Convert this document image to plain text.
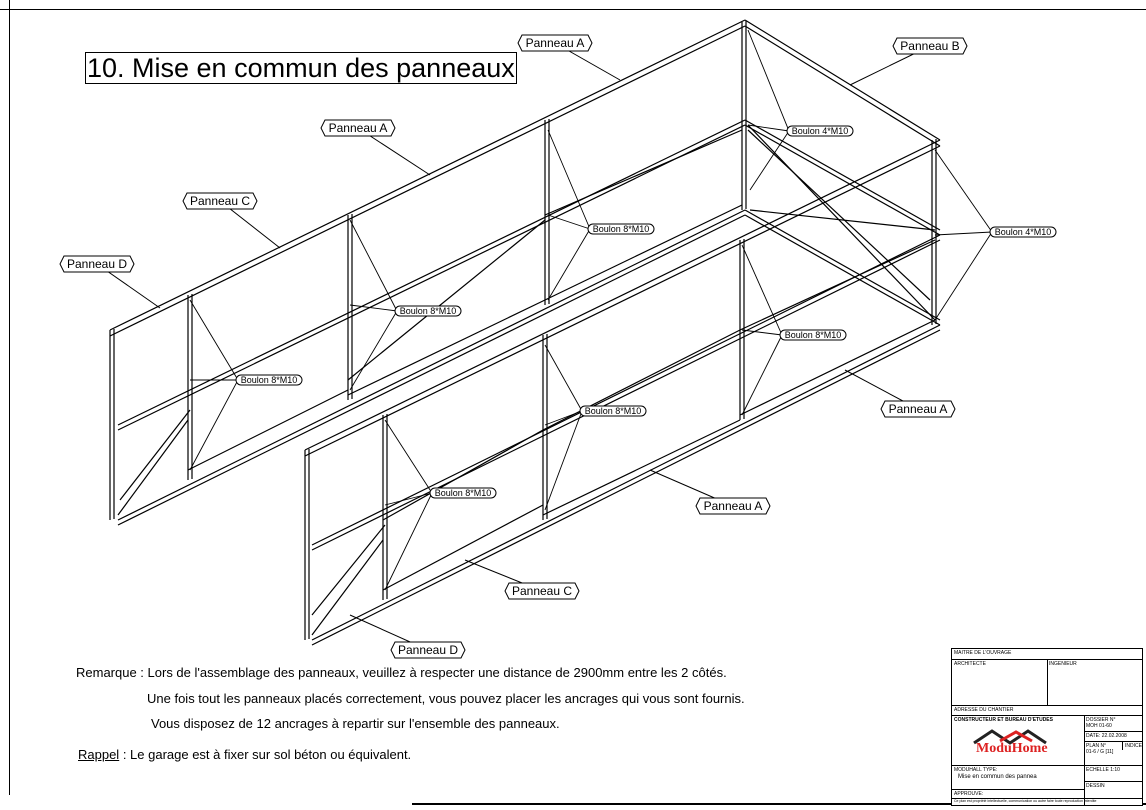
10. Mise en commun des panneaux
Panneau A	Panneau B
Panneau A
Panneau C
Panneau D
Panneau A
Panneau A
Panneau C
Panneau D
Boulon 4*M10
Boulon 4*M10
Boulon 8*M10
Boulon 8*M10
Boulon 8*M10
Boulon 8*M10
Boulon 8*M10
Boulon 8*M10
Remarque : Lors de l'assemblage des panneaux, veuillez à respecter une distance de 2900mm entre les 2 côtés.
Une fois tout les panneaux placés correctement, vous pouvez placer les ancrages qui vous sont fournis.
Vous disposez de 12 ancrages à repartir sur l'ensemble des panneaux.
Rappel : Le garage est à fixer sur sol béton ou équivalent.
MAITRE DE L'OUVRAGE
ARCHITECTE	INGENIEUR
ADRESSE DU CHANTIER
CONSTRUCTEUR ET BUREAU D'ETUDES
ModuHome
DOSSIER N°
MOH 01-60
DATE: 22.02.2008
PLAN N°
01-6 / G [11]
INDICE
ECHELLE 1:10
MODUHALL TYPE:
Mise en commun des pannea
DESSIN
APPROUVE:
Ce plan est propriété intellectuelle, communication ou autre faire toute reproduction interdite
